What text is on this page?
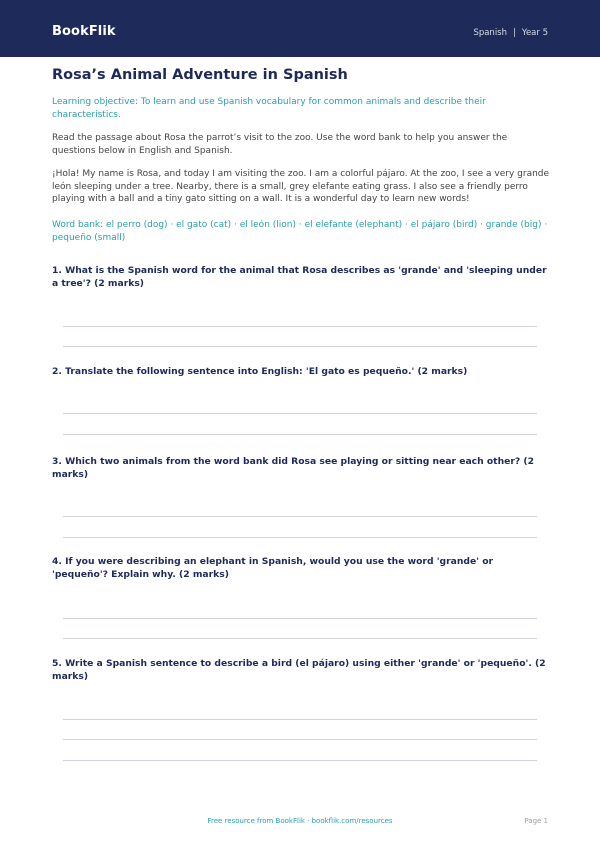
BookFlik	Spanish | Year 5
Rosa’s Animal Adventure in Spanish
Learning objective: To learn and use Spanish vocabulary for common animals and describe their characteristics.
Read the passage about Rosa the parrot’s visit to the zoo. Use the word bank to help you answer the questions below in English and Spanish.
¡Hola! My name is Rosa, and today I am visiting the zoo. I am a colorful pájaro. At the zoo, I see a very grande león sleeping under a tree. Nearby, there is a small, grey elefante eating grass. I also see a friendly perro playing with a ball and a tiny gato sitting on a wall. It is a wonderful day to learn new words!
Word bank: el perro (dog) · el gato (cat) · el león (lion) · el elefante (elephant) · el pájaro (bird) · grande (big) · pequeño (small)
1. What is the Spanish word for the animal that Rosa describes as 'grande' and 'sleeping under a tree'? (2 marks)
2. Translate the following sentence into English: 'El gato es pequeño.' (2 marks)
3. Which two animals from the word bank did Rosa see playing or sitting near each other? (2 marks)
4. If you were describing an elephant in Spanish, would you use the word 'grande' or 'pequeño'? Explain why. (2 marks)
5. Write a Spanish sentence to describe a bird (el pájaro) using either 'grande' or 'pequeño'. (2 marks)
Free resource from BookFlik · bookflik.com/resources	Page 1
